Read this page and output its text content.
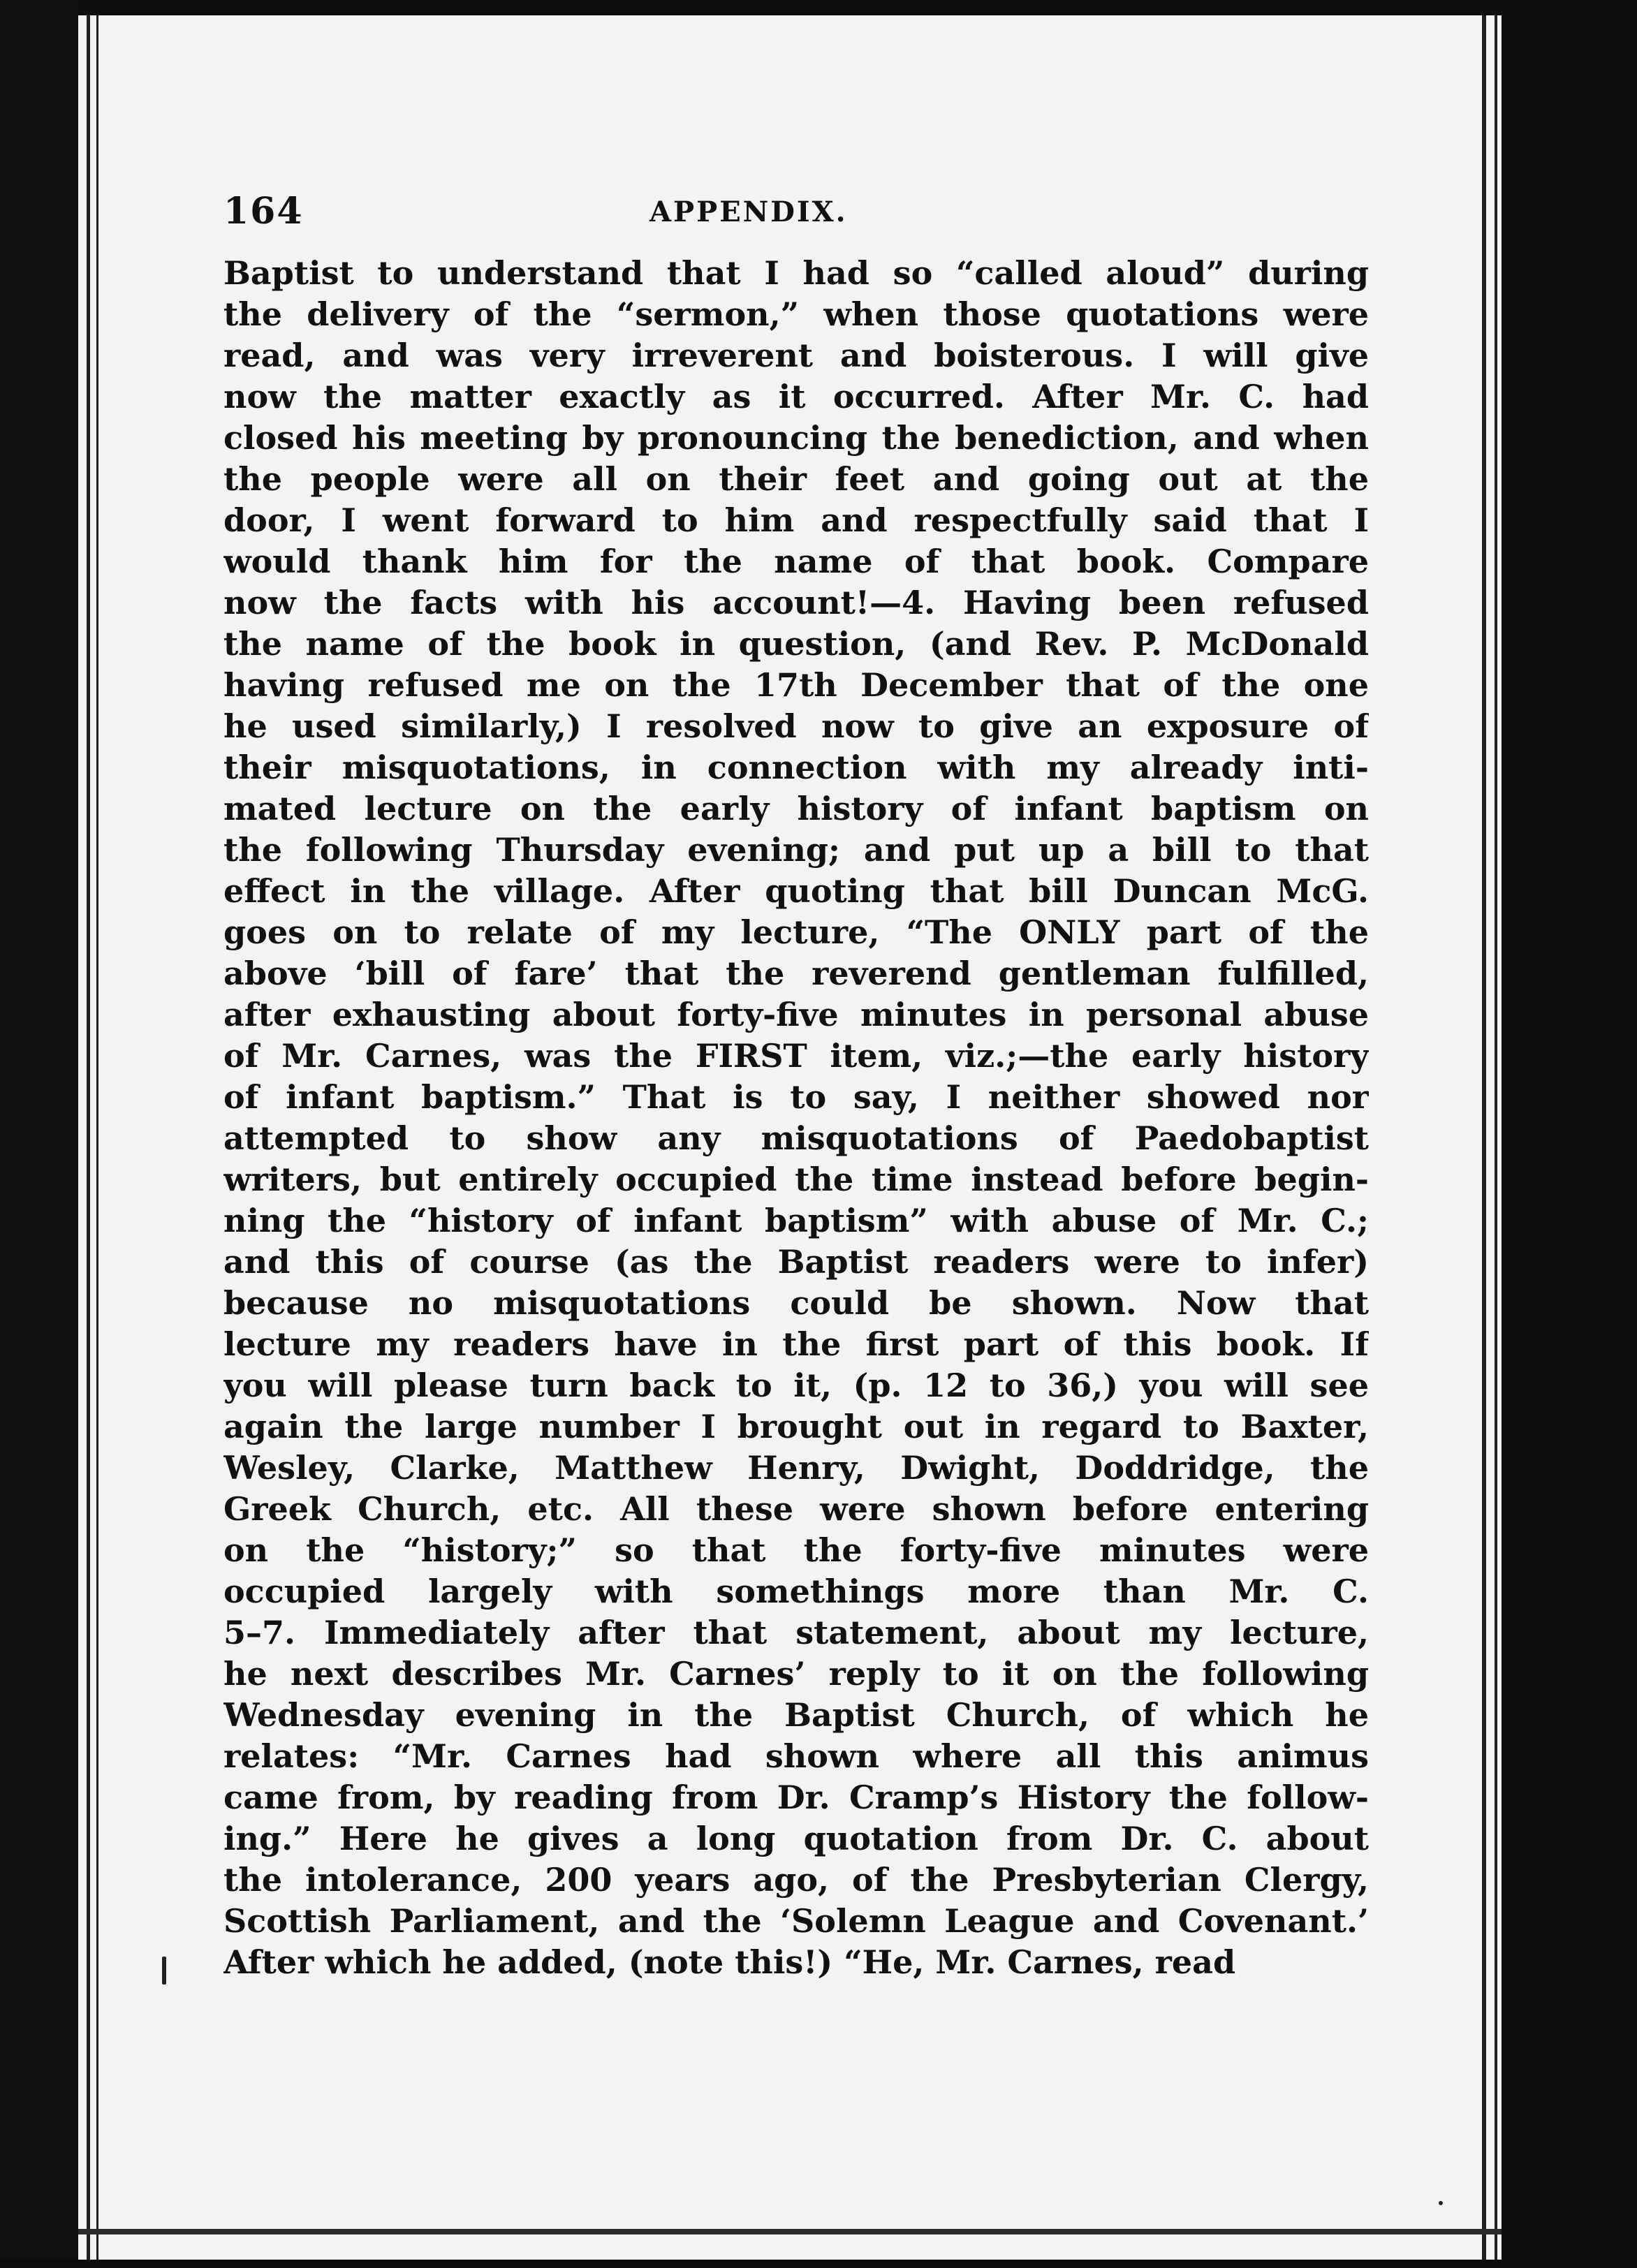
164	APPENDIX.
Baptist to understand that I had so “called aloud” during
the delivery of the “sermon,” when those quotations were
read, and was very irreverent and boisterous. I will give
now the matter exactly as it occurred. After Mr. C. had
closed his meeting by pronouncing the benediction, and when
the people were all on their feet and going out at the
door, I went forward to him and respectfully said that I
would thank him for the name of that book. Compare
now the facts with his account!—4. Having been refused
the name of the book in question, (and Rev. P. McDonald
having refused me on the 17th December that of the one
he used similarly,) I resolved now to give an exposure of
their misquotations, in connection with my already inti-
mated lecture on the early history of infant baptism on
the following Thursday evening; and put up a bill to that
effect in the village. After quoting that bill Duncan McG.
goes on to relate of my lecture, “The ONLY part of the
above ‘bill of fare’ that the reverend gentleman fulfilled,
after exhausting about forty-five minutes in personal abuse
of Mr. Carnes, was the FIRST item, viz.;—the early history
of infant baptism.” That is to say, I neither showed nor
attempted to show any misquotations of Paedobaptist
writers, but entirely occupied the time instead before begin-
ning the “history of infant baptism” with abuse of Mr. C.;
and this of course (as the Baptist readers were to infer)
because no misquotations could be shown. Now that
lecture my readers have in the first part of this book. If
you will please turn back to it, (p. 12 to 36,) you will see
again the large number I brought out in regard to Baxter,
Wesley, Clarke, Matthew Henry, Dwight, Doddridge, the
Greek Church, etc. All these were shown before entering
on the “history;” so that the forty-five minutes were
occupied largely with somethings more than Mr. C.
5–7. Immediately after that statement, about my lecture,
he next describes Mr. Carnes’ reply to it on the following
Wednesday evening in the Baptist Church, of which he
relates: “Mr. Carnes had shown where all this animus
came from, by reading from Dr. Cramp’s History the follow-
ing.” Here he gives a long quotation from Dr. C. about
the intolerance, 200 years ago, of the Presbyterian Clergy,
Scottish Parliament, and the ‘Solemn League and Covenant.’
After which he added, (note this!) “He, Mr. Carnes, read
